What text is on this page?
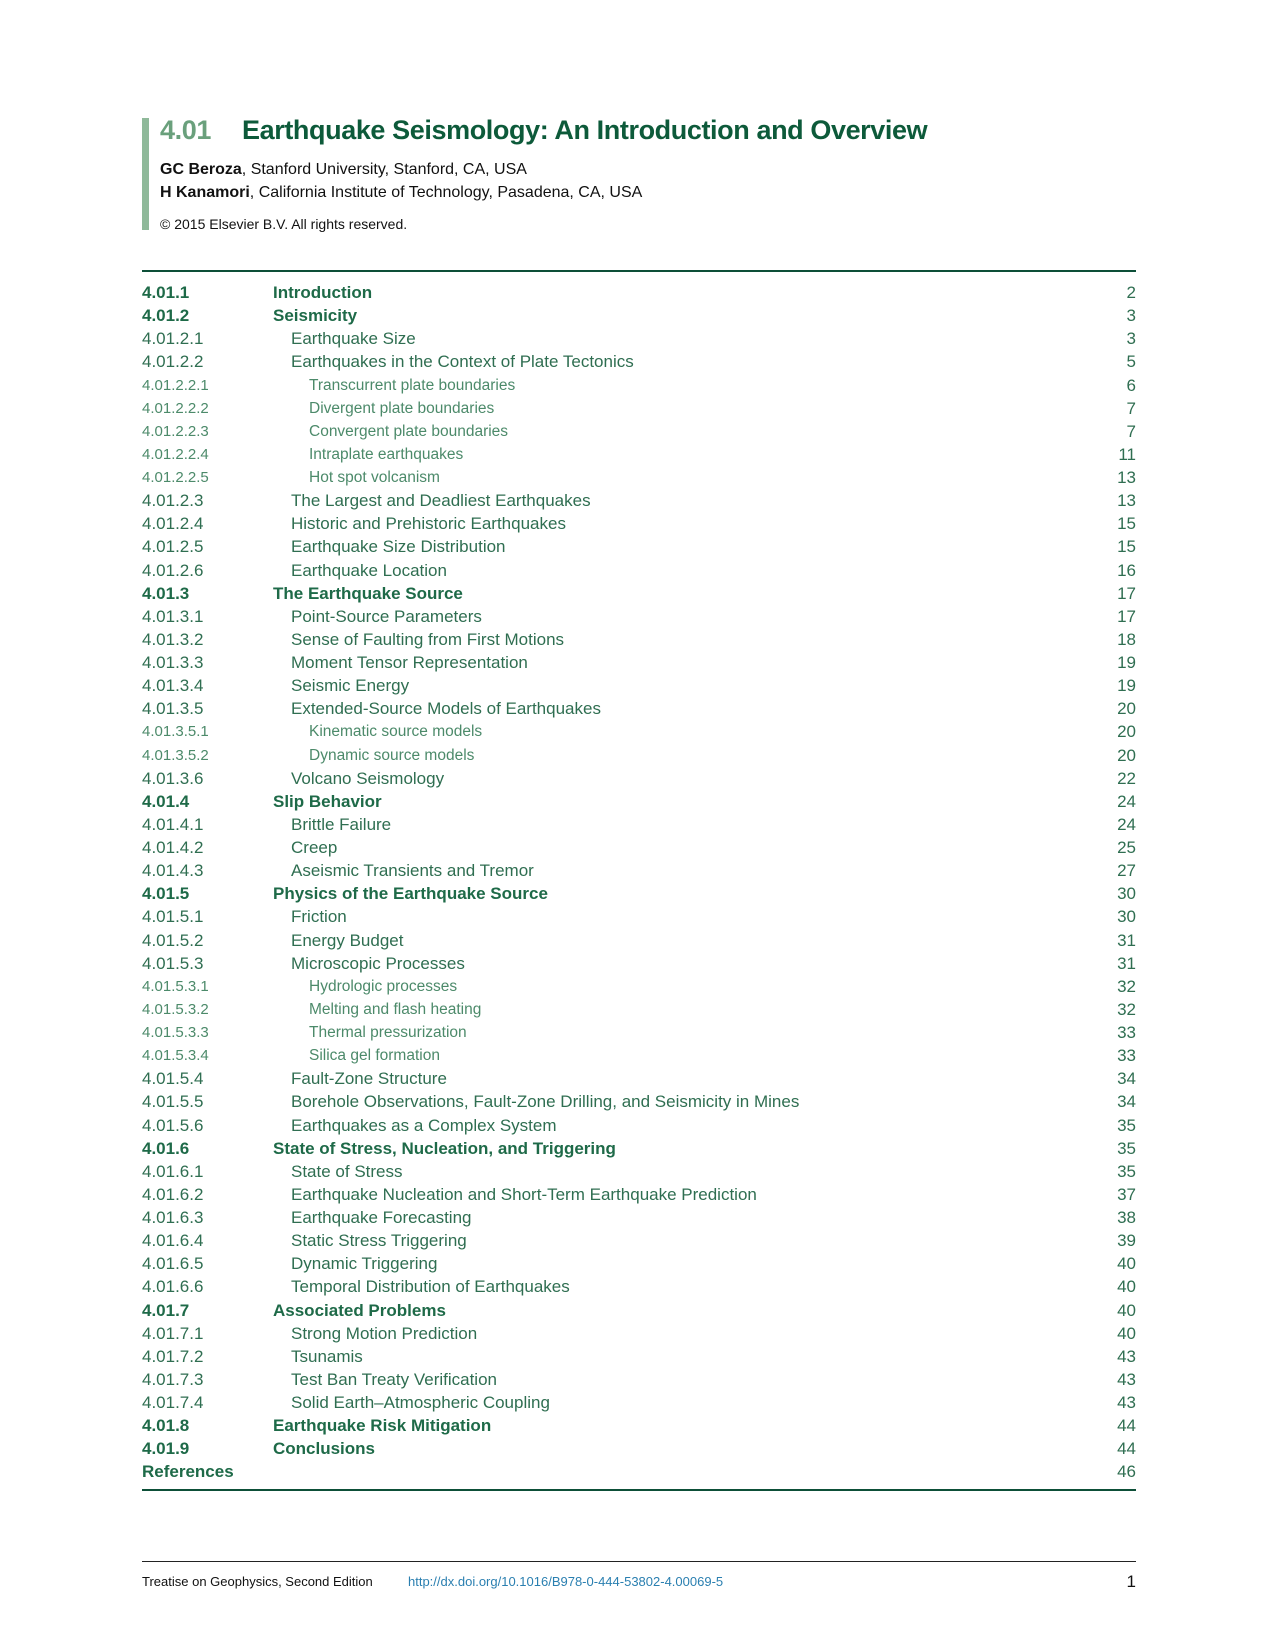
4.01 Earthquake Seismology: An Introduction and Overview
GC Beroza, Stanford University, Stanford, CA, USA
H Kanamori, California Institute of Technology, Pasadena, CA, USA
© 2015 Elsevier B.V. All rights reserved.
4.01.1	Introduction	2
4.01.2	Seismicity	3
4.01.2.1	Earthquake Size	3
4.01.2.2	Earthquakes in the Context of Plate Tectonics	5
4.01.2.2.1	Transcurrent plate boundaries	6
4.01.2.2.2	Divergent plate boundaries	7
4.01.2.2.3	Convergent plate boundaries	7
4.01.2.2.4	Intraplate earthquakes	11
4.01.2.2.5	Hot spot volcanism	13
4.01.2.3	The Largest and Deadliest Earthquakes	13
4.01.2.4	Historic and Prehistoric Earthquakes	15
4.01.2.5	Earthquake Size Distribution	15
4.01.2.6	Earthquake Location	16
4.01.3	The Earthquake Source	17
4.01.3.1	Point-Source Parameters	17
4.01.3.2	Sense of Faulting from First Motions	18
4.01.3.3	Moment Tensor Representation	19
4.01.3.4	Seismic Energy	19
4.01.3.5	Extended-Source Models of Earthquakes	20
4.01.3.5.1	Kinematic source models	20
4.01.3.5.2	Dynamic source models	20
4.01.3.6	Volcano Seismology	22
4.01.4	Slip Behavior	24
4.01.4.1	Brittle Failure	24
4.01.4.2	Creep	25
4.01.4.3	Aseismic Transients and Tremor	27
4.01.5	Physics of the Earthquake Source	30
4.01.5.1	Friction	30
4.01.5.2	Energy Budget	31
4.01.5.3	Microscopic Processes	31
4.01.5.3.1	Hydrologic processes	32
4.01.5.3.2	Melting and flash heating	32
4.01.5.3.3	Thermal pressurization	33
4.01.5.3.4	Silica gel formation	33
4.01.5.4	Fault-Zone Structure	34
4.01.5.5	Borehole Observations, Fault-Zone Drilling, and Seismicity in Mines	34
4.01.5.6	Earthquakes as a Complex System	35
4.01.6	State of Stress, Nucleation, and Triggering	35
4.01.6.1	State of Stress	35
4.01.6.2	Earthquake Nucleation and Short-Term Earthquake Prediction	37
4.01.6.3	Earthquake Forecasting	38
4.01.6.4	Static Stress Triggering	39
4.01.6.5	Dynamic Triggering	40
4.01.6.6	Temporal Distribution of Earthquakes	40
4.01.7	Associated Problems	40
4.01.7.1	Strong Motion Prediction	40
4.01.7.2	Tsunamis	43
4.01.7.3	Test Ban Treaty Verification	43
4.01.7.4	Solid Earth–Atmospheric Coupling	43
4.01.8	Earthquake Risk Mitigation	44
4.01.9	Conclusions	44
References	46
Treatise on Geophysics, Second Edition	http://dx.doi.org/10.1016/B978-0-444-53802-4.00069-5	1
